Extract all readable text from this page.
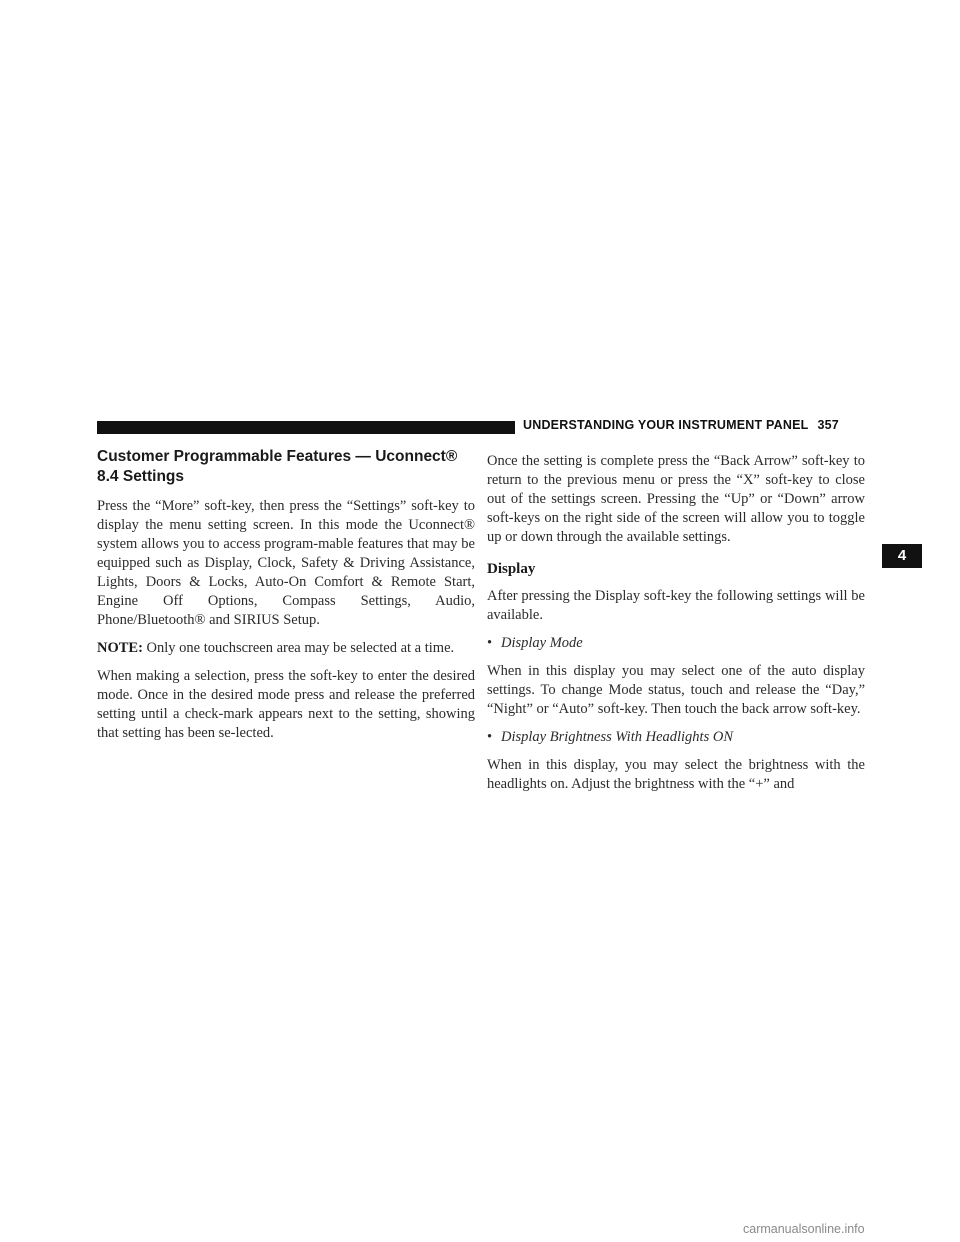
UNDERSTANDING YOUR INSTRUMENT PANEL 357
4
Customer Programmable Features — Uconnect® 8.4 Settings

Press the “More” soft-key, then press the “Settings” soft-key to display the menu setting screen. In this mode the Uconnect® system allows you to access program-mable features that may be equipped such as Display, Clock, Safety & Driving Assistance, Lights, Doors & Locks, Auto-On Comfort & Remote Start, Engine Off Options, Compass Settings, Audio, Phone/Bluetooth® and SIRIUS Setup.

NOTE: Only one touchscreen area may be selected at a time.

When making a selection, press the soft-key to enter the desired mode. Once in the desired mode press and release the preferred setting until a check-mark appears next to the setting, showing that setting has been se-lected.

Once the setting is complete press the “Back Arrow” soft-key to return to the previous menu or press the “X” soft-key to close out of the settings screen. Pressing the “Up” or “Down” arrow soft-keys on the right side of the screen will allow you to toggle up or down through the available settings.

Display

After pressing the Display soft-key the following settings will be available.

• Display Mode

When in this display you may select one of the auto display settings. To change Mode status, touch and release the “Day,” “Night” or “Auto” soft-key. Then touch the back arrow soft-key.

• Display Brightness With Headlights ON

When in this display, you may select the brightness with the headlights on. Adjust the brightness with the “+” and

carmanualsonline.info
